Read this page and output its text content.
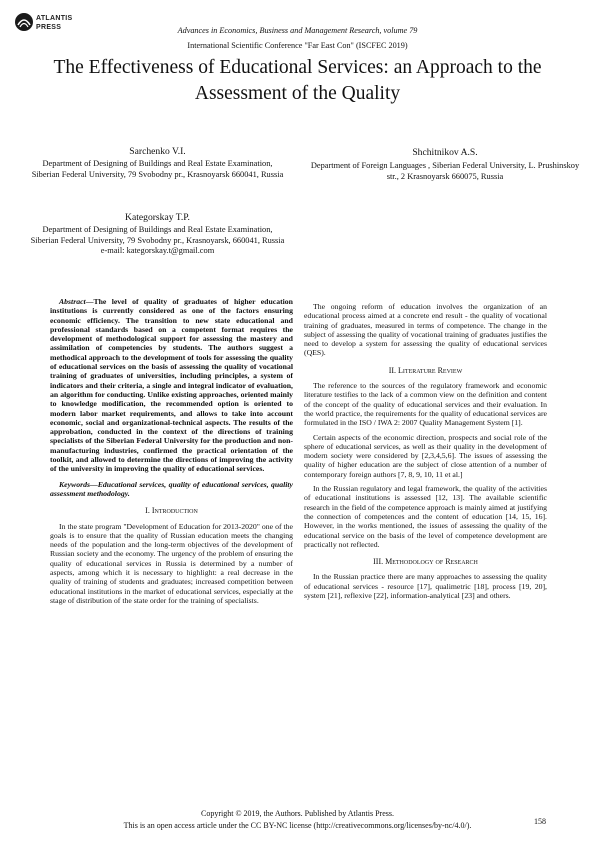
ATLANTIS
PRESS	Advances in Economics, Business and Management Research, volume 79
International Scientific Conference "Far East Con" (ISCFEC 2019)
The Effectiveness of Educational Services: an Approach to the Assessment of the Quality
Sarchenko V.I.
Department of Designing of Buildings and Real Estate Examination, Siberian Federal University, 79 Svobodny pr., Krasnoyarsk 660041, Russia
Kategorskay T.P.
Department of Designing of Buildings and Real Estate Examination, Siberian Federal University, 79 Svobodny pr., Krasnoyarsk, 660041, Russia
e-mail: kategorskay.t@gmail.com
Shchitnikov A.S.
Department of Foreign Languages , Siberian Federal University, L. Prushinskoy str., 2 Krasnoyarsk 660075, Russia

Abstract—The level of quality of graduates of higher education institutions is currently considered as one of the factors ensuring economic efficiency. The transition to new state educational and professional standards based on a competent format requires the development of methodological support for assessing the mastery and assimilation of competencies by students. The authors suggest a methodical approach to the development of tools for assessing the quality of educational services on the basis of assessing the quality of vocational training of graduates of universities, including principles, a system of indicators and their criteria, a single and integral indicator of evaluation, an algorithm for conducting. Unlike existing approaches, oriented mainly to knowledge modification, the recommended option is oriented to modern labor market requirements, and allows to take into account economic, social and organizational-technical aspects. The results of the approbation, conducted in the context of the directions of training specialists of the Siberian Federal University for the production and non-manufacturing industries, confirmed the practical orientation of the toolkit, and allowed to determine the directions of improving the activity of the university in improving the quality of educational services.

Keywords—Educational services, quality of educational services, quality assessment methodology.

I. Introduction

In the state program "Development of Education for 2013-2020" one of the goals is to ensure that the quality of Russian education meets the changing needs of the population and the long-term objectives of the development of Russian society and the economy. The urgency of the problem of ensuring the quality of educational services in Russia is determined by a number of aspects, among which it is necessary to highlight: a real decrease in the quality of training of students and graduates; increased competition between educational institutions in the market of educational services, especially at the stage of distribution of the state order for the training of specialists.

The ongoing reform of education involves the organization of an educational process aimed at a concrete end result - the quality of vocational training of graduates, measured in terms of competence. The change in the subject of assessing the quality of vocational training of graduates justifies the need to develop a system for assessing the quality of educational services (QES).

II. Literature Review

The reference to the sources of the regulatory framework and economic literature testifies to the lack of a common view on the definition and content of the concept of the quality of educational services and their evaluation. In the world practice, the requirements for the quality of educational services are formulated in the ISO / IWA 2: 2007 Quality Management System [1].

Certain aspects of the economic direction, prospects and social role of the sphere of educational services, as well as their quality in the development of modern society were considered by [2,3,4,5,6]. The issues of assessing the quality of higher education are the subject of close attention of a number of contemporary foreign authors [7, 8, 9, 10, 11 et al.]

In the Russian regulatory and legal framework, the quality of the activities of educational institutions is assessed [12, 13]. The available scientific research in the field of the competence approach is mainly aimed at justifying the connection of competences and the content of education [14, 15, 16]. However, in the works mentioned, the issues of assessing the quality of the educational service on the basis of the level of competence development are practically not reflected.

III. Methodology of Research

In the Russian practice there are many approaches to assessing the quality of educational services - resource [17], qualimetric [18], process [19, 20], system [21], reflexive [22], information-analytical [23] and others.

Copyright © 2019, the Authors. Published by Atlantis Press.
This is an open access article under the CC BY-NC license (http://creativecommons.org/licenses/by-nc/4.0/).	158
